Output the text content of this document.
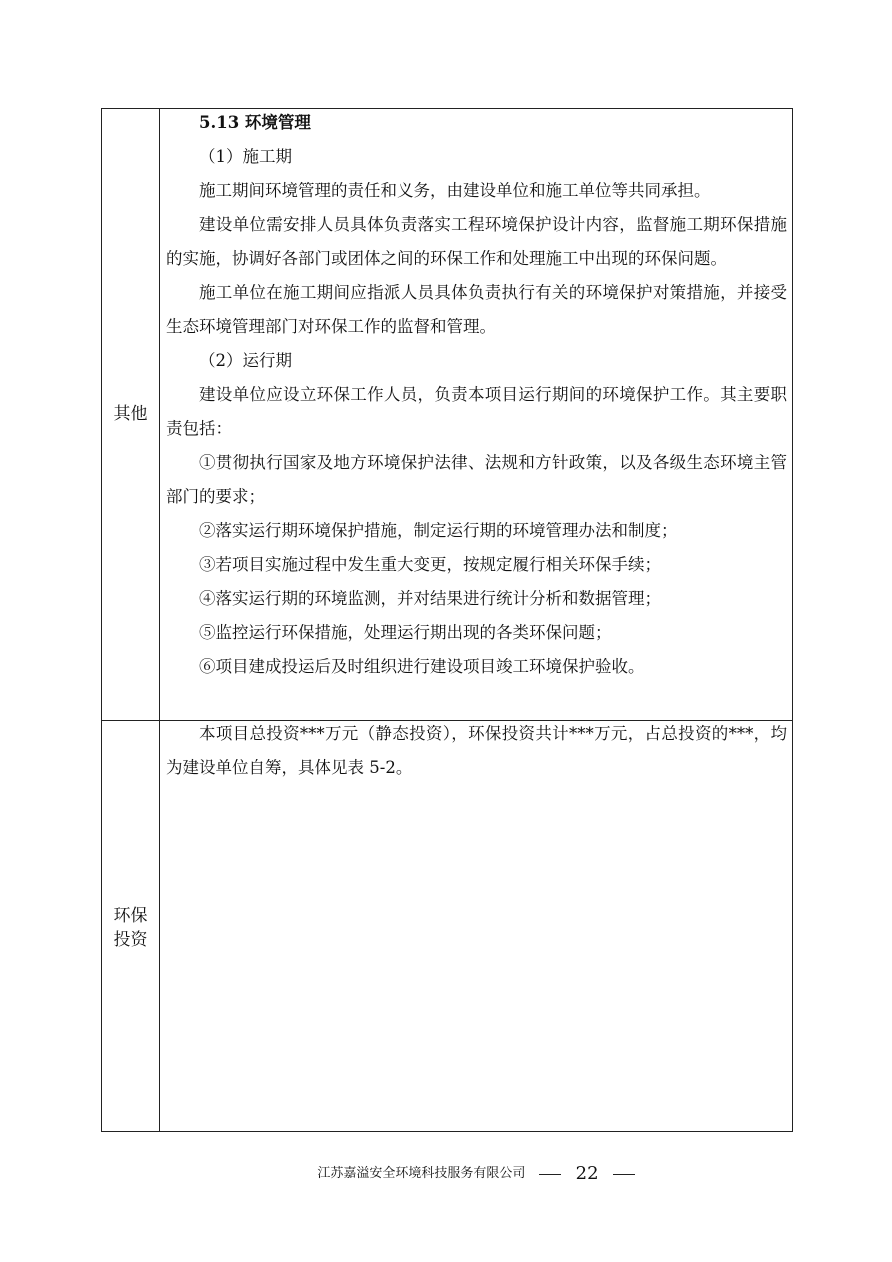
其他

5.13 环境管理

（1）施工期

施工期间环境管理的责任和义务，由建设单位和施工单位等共同承担。

建设单位需安排人员具体负责落实工程环境保护设计内容，监督施工期环保措施的实施，协调好各部门或团体之间的环保工作和处理施工中出现的环保问题。

施工单位在施工期间应指派人员具体负责执行有关的环境保护对策措施，并接受生态环境管理部门对环保工作的监督和管理。

（2）运行期

建设单位应设立环保工作人员，负责本项目运行期间的环境保护工作。其主要职责包括：

①贯彻执行国家及地方环境保护法律、法规和方针政策，以及各级生态环境主管部门的要求；

②落实运行期环境保护措施，制定运行期的环境管理办法和制度；

③若项目实施过程中发生重大变更，按规定履行相关环保手续；

④落实运行期的环境监测，并对结果进行统计分析和数据管理；

⑤监控运行环保措施，处理运行期出现的各类环保问题；

⑥项目建成投运后及时组织进行建设项目竣工环境保护验收。

环保
投资

本项目总投资***万元（静态投资），环保投资共计***万元，占总投资的***，均为建设单位自筹，具体见表 5-2。

江苏嘉溢安全环境科技服务有限公司	22
